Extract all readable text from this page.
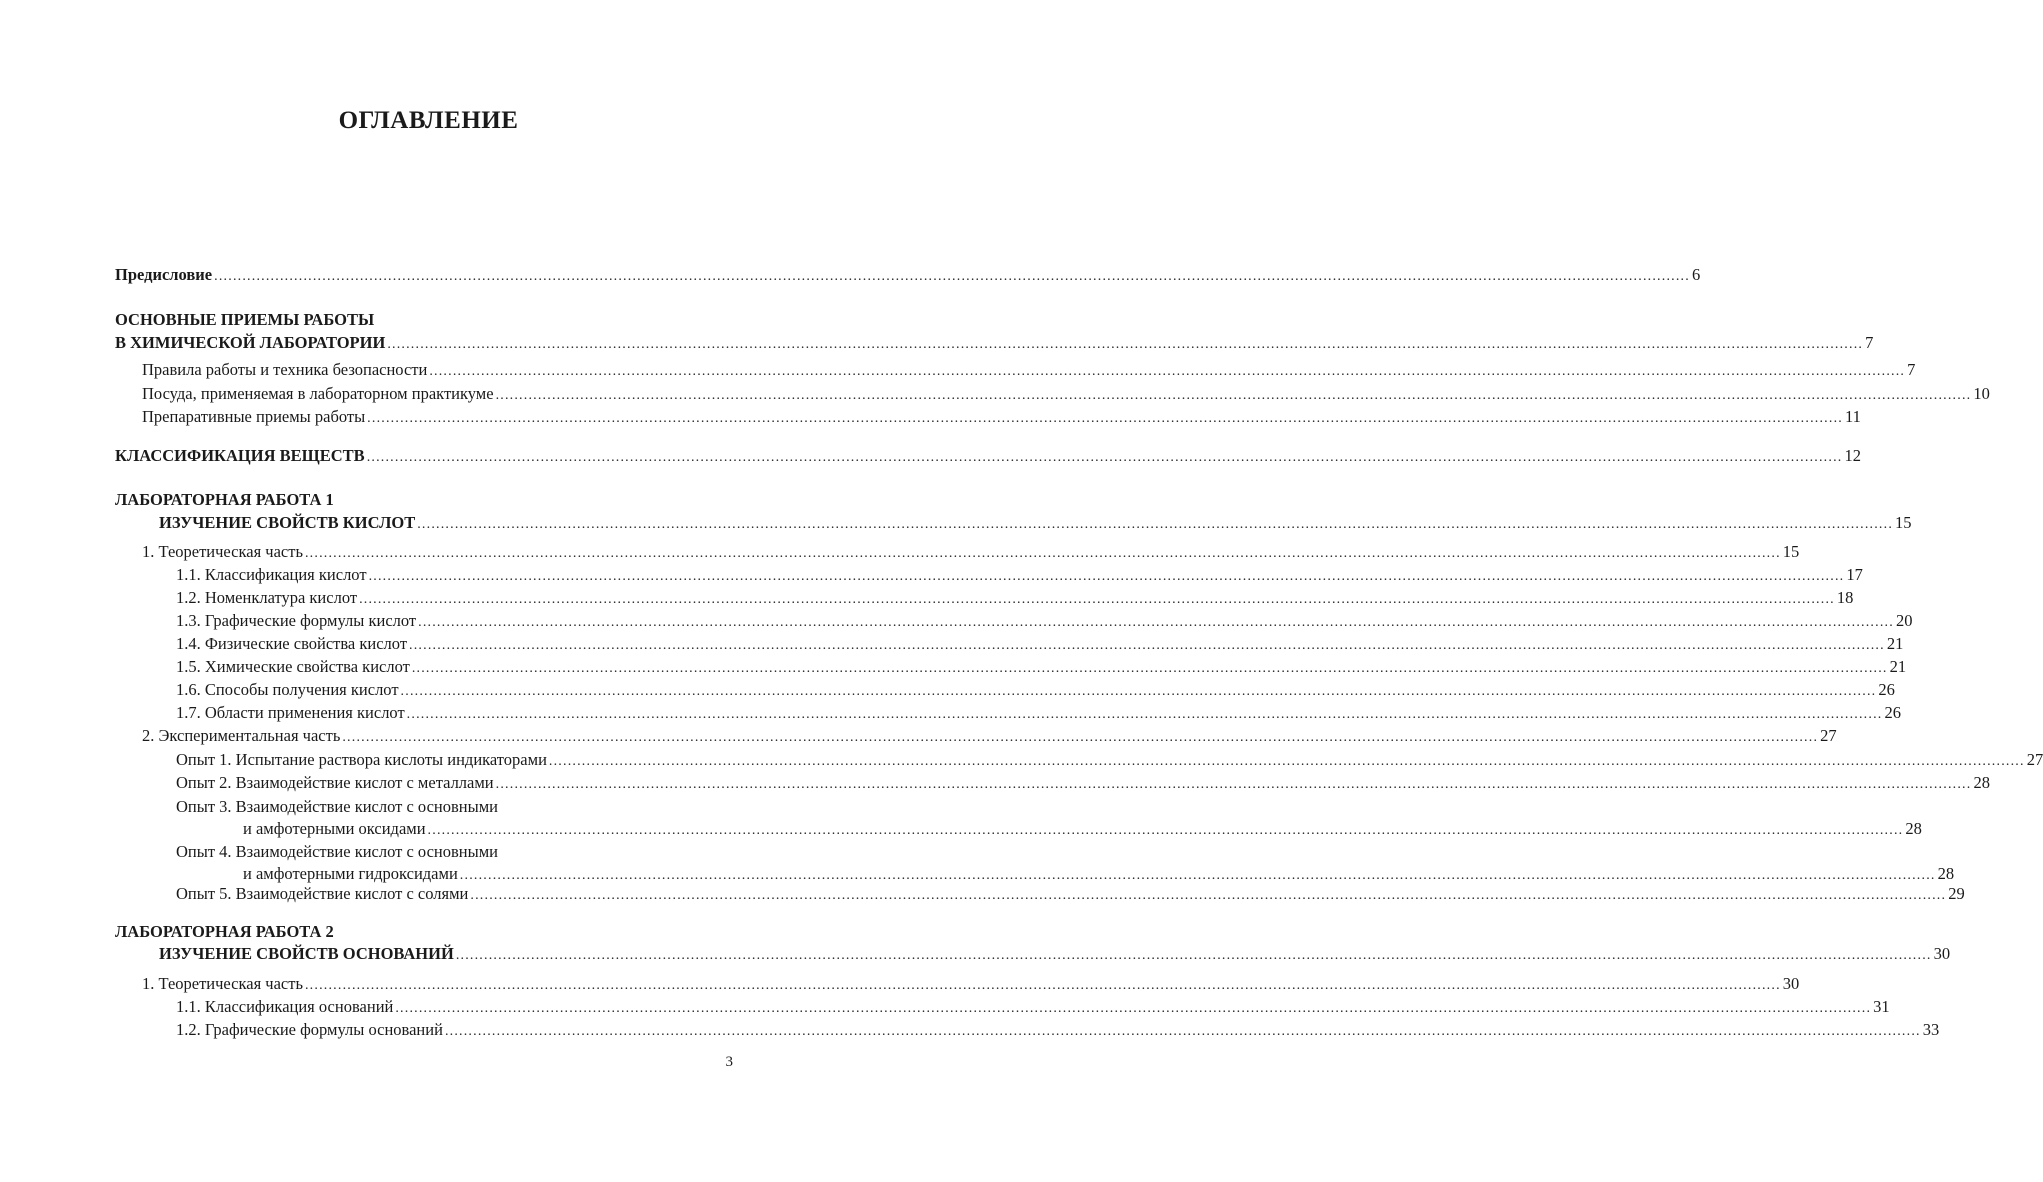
ОГЛАВЛЕНИЕ
Предисловие .......................................................................................................................................................................................................................................................................................................................... 6
ОСНОВНЫЕ ПРИЕМЫ РАБОТЫ
В ХИМИЧЕСКОЙ ЛАБОРАТОРИИ .......................................................................................................................................................................................................................................................................................................................... 7
Правила работы и техника безопасности .......................................................................................................................................................................................................................................................................................................................... 7
Посуда, применяемая в лабораторном практикуме .......................................................................................................................................................................................................................................................................................................................... 10
Препаративные приемы работы .......................................................................................................................................................................................................................................................................................................................... 11
КЛАССИФИКАЦИЯ ВЕЩЕСТВ .......................................................................................................................................................................................................................................................................................................................... 12
ЛАБОРАТОРНАЯ РАБОТА 1
ИЗУЧЕНИЕ СВОЙСТВ КИСЛОТ .......................................................................................................................................................................................................................................................................................................................... 15
1. Теоретическая часть .......................................................................................................................................................................................................................................................................................................................... 15
1.1. Классификация кислот .......................................................................................................................................................................................................................................................................................................................... 17
1.2. Номенклатура кислот .......................................................................................................................................................................................................................................................................................................................... 18
1.3. Графические формулы кислот .......................................................................................................................................................................................................................................................................................................................... 20
1.4. Физические свойства кислот .......................................................................................................................................................................................................................................................................................................................... 21
1.5. Химические свойства кислот .......................................................................................................................................................................................................................................................................................................................... 21
1.6. Способы получения кислот .......................................................................................................................................................................................................................................................................................................................... 26
1.7. Области применения кислот .......................................................................................................................................................................................................................................................................................................................... 26
2. Экспериментальная часть .......................................................................................................................................................................................................................................................................................................................... 27
Опыт 1. Испытание раствора кислоты индикаторами .......................................................................................................................................................................................................................................................................................................................... 27
Опыт 2. Взаимодействие кислот с металлами .......................................................................................................................................................................................................................................................................................................................... 28
Опыт 3. Взаимодействие кислот с основными
и амфотерными оксидами .......................................................................................................................................................................................................................................................................................................................... 28
Опыт 4. Взаимодействие кислот с основными
и амфотерными гидроксидами .......................................................................................................................................................................................................................................................................................................................... 28
Опыт 5. Взаимодействие кислот с солями .......................................................................................................................................................................................................................................................................................................................... 29
ЛАБОРАТОРНАЯ РАБОТА 2
ИЗУЧЕНИЕ СВОЙСТВ ОСНОВАНИЙ .......................................................................................................................................................................................................................................................................................................................... 30
1. Теоретическая часть .......................................................................................................................................................................................................................................................................................................................... 30
1.1. Классификация оснований .......................................................................................................................................................................................................................................................................................................................... 31
1.2. Графические формулы оснований .......................................................................................................................................................................................................................................................................................................................... 33
3
